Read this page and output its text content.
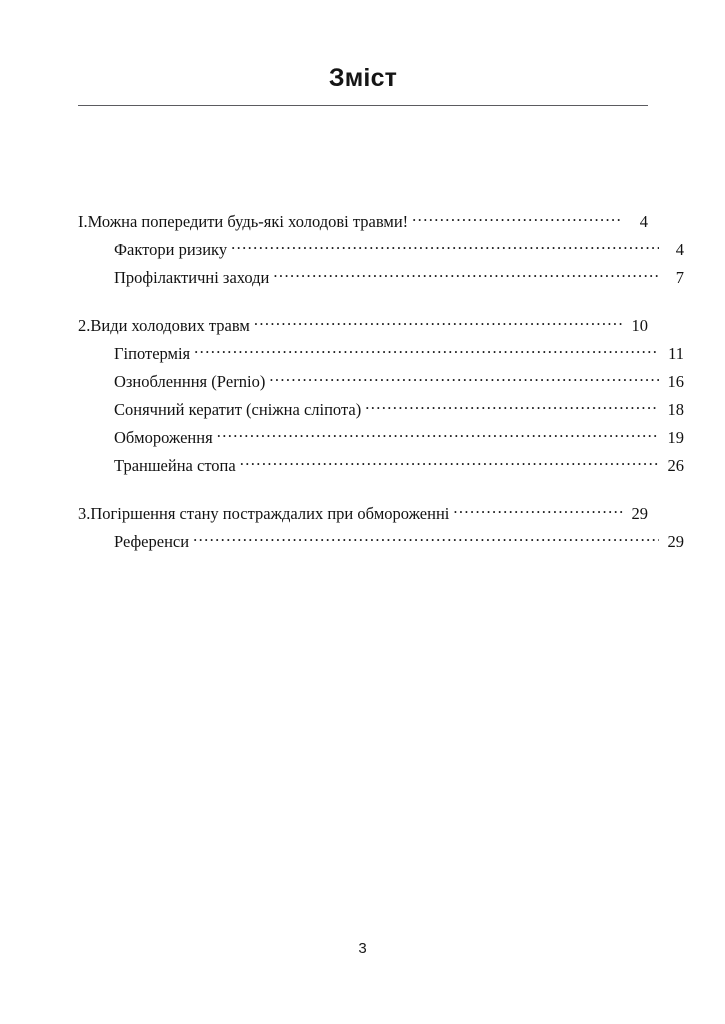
Зміст
I.Можна попередити будь-які холодові травми! .....	4
Фактори ризику .....	4
Профілактичні заходи .....	7
2.Види холодових травм .....	10
Гіпотермія .....	11
Ознобленння (Pernio) .....	16
Сонячний кератит (сніжна сліпота) .....	18
Обмороження .....	19
Траншейна стопа .....	26
3.Погіршення стану постраждалих при обмороженні .....	29
Референси .....	29
3
